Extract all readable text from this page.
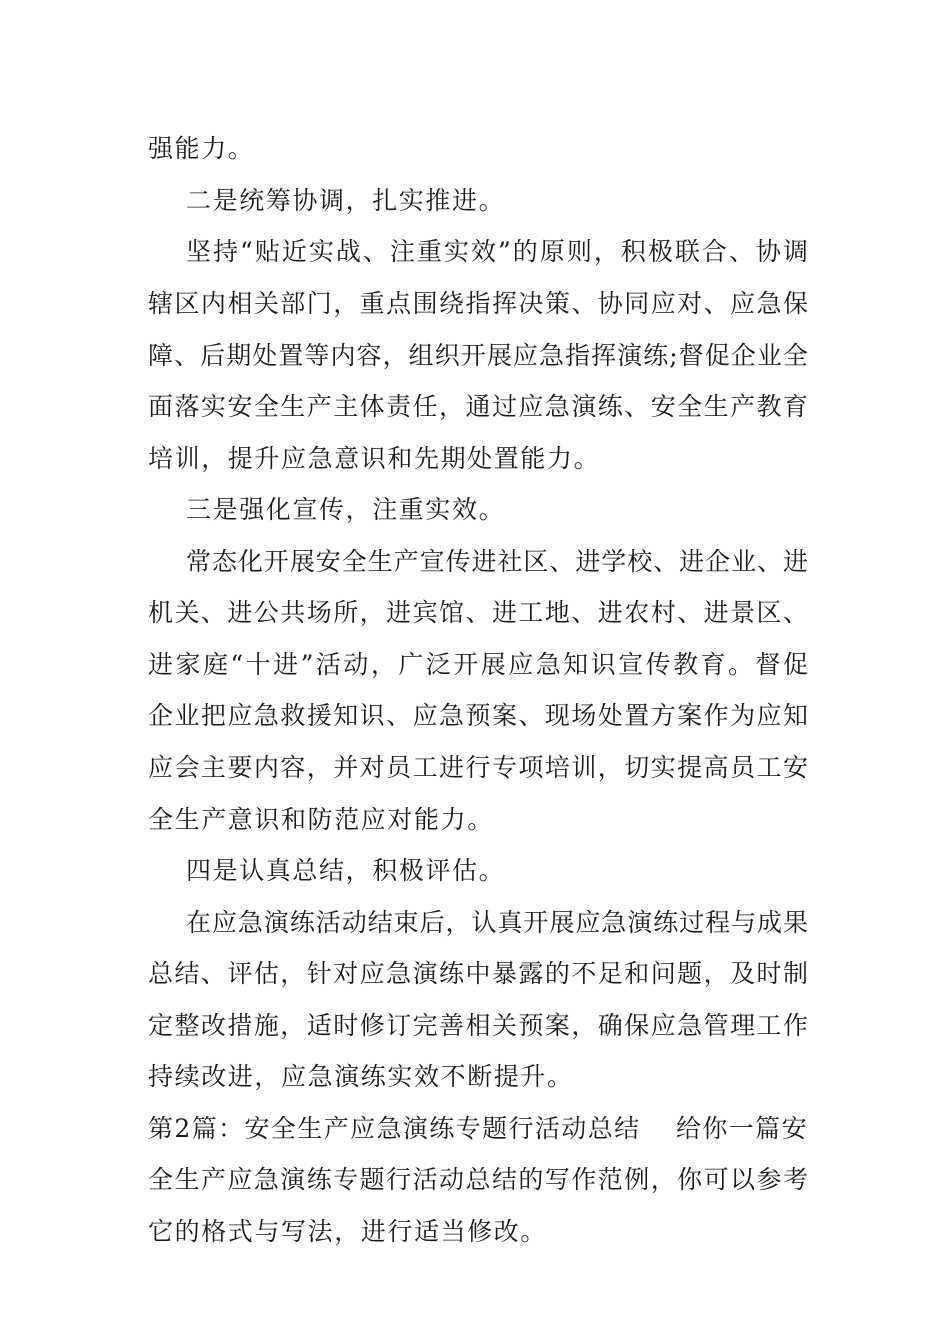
强能力。
二是统筹协调，扎实推进。
坚持“贴近实战、注重实效”的原则，积极联合、协调
辖区内相关部门，重点围绕指挥决策、协同应对、应急保
障、后期处置等内容，组织开展应急指挥演练;督促企业全
面落实安全生产主体责任，通过应急演练、安全生产教育
培训，提升应急意识和先期处置能力。
三是强化宣传，注重实效。
常态化开展安全生产宣传进社区、进学校、进企业、进
机关、进公共场所，进宾馆、进工地、进农村、进景区、
进家庭“十进”活动，广泛开展应急知识宣传教育。督促
企业把应急救援知识、应急预案、现场处置方案作为应知
应会主要内容，并对员工进行专项培训，切实提高员工安
全生产意识和防范应对能力。
四是认真总结，积极评估。
在应急演练活动结束后，认真开展应急演练过程与成果
总结、评估，针对应急演练中暴露的不足和问题，及时制
定整改措施，适时修订完善相关预案，确保应急管理工作
持续改进，应急演练实效不断提升。
第2篇：安全生产应急演练专题行活动总结 给你一篇安
全生产应急演练专题行活动总结的写作范例，你可以参考
它的格式与写法，进行适当修改。
